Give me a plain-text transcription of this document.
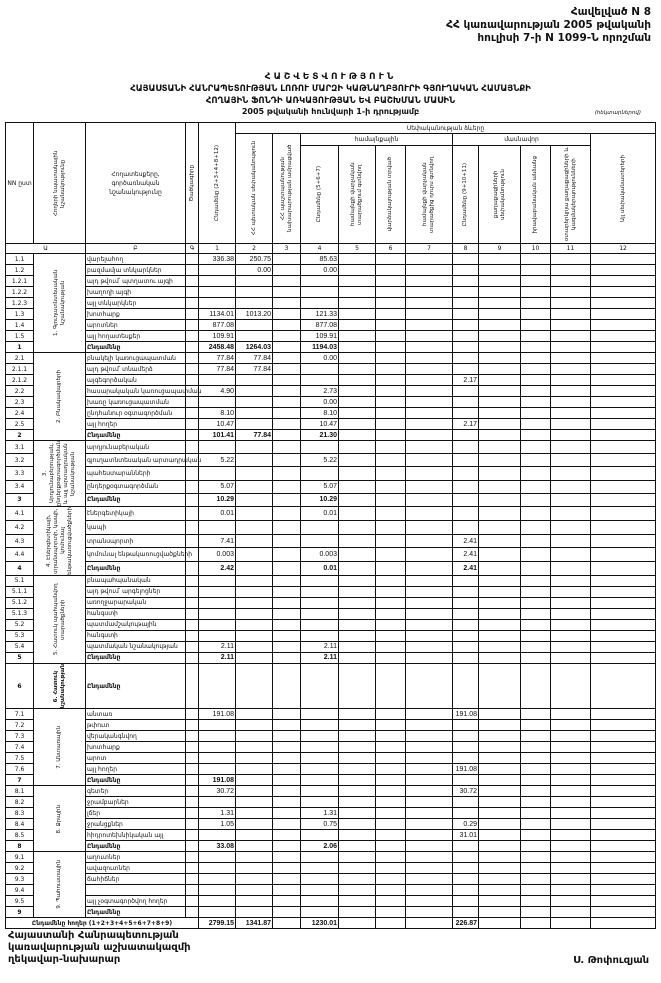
Հավելված N 8
ՀՀ կառավարության 2005 թվականի
հուլիսի 7-ի N 1099-Ն որոշման
ՀԱՇՎԵՏՎՈՒԹՅՈՒՆ
ՀԱՅԱՍՏԱՆԻ ՀԱՆՐԱՊԵՏՈՒԹՅԱՆ ԼՈՌՈՒ ՄԱՐԶԻ ԿԱԹՆԱՂԲՅՈՒՐԻ ԳՅՈՒՂԱԿԱՆ ՀԱՄԱՅՆՔԻ
ՀՈՂԱՅԻՆ ՖՈՆԴԻ ԱՌԿԱՅՈՒԹՅԱՆ ԵՎ ԲԱՇԽՄԱՆ ՄԱՍԻՆ
2005 թվականի հունվարի 1-ի դրությամբ	(հեկտարներով)
NN ըստ	Հողերի նպատակային նշանակությունը	Հողատեսքերը, գործառնական նշանակությունը	Ծածկագիրը	Ընդամենը (2+3+4+8+12)	Սեփականության ձևերը										

					ՀՀ պետական սեփականություն	ՀՀ պաշտպանության նախարարության ամրացված	համայնքային				մասնավոր				Այլ սեփականատերերի

							Ընդամենը (5+6+7)	համայնքի վարչական տարածքում գտնվող	վարձակալության տրված	համայնքի վարչական տարածքից դուրս գտնվող	Ընդամենը (9+10+11)	քաղաքացիների սեփականություն	իրավաբանական անձանց	օտարերկրյա քաղաքացիների և կազմակերպությունների	

Ա		Բ	Գ	1	2	3	4	5	6	7	8	9	10	11	12
1.1	1. Գյուղատնտեսական նշանակության	վարելահող		336.38	250.75		85.63								
1.2		բազմամյա տնկարկներ			0.00		0.00								
1.2.1		այդ թվում՝ պտղատու այգի													
1.2.2		խաղողի այգի													
1.2.3		այլ տնկարկներ													
1.3		խոտհարք		1134.01	1013.20		121.33								
1.4		արոտներ		877.08			877.08								
1.5		այլ հողատեսքեր		109.91			109.91								
1		Ընդամենը		2458.48	1264.03		1194.03								
2.1	2. Բնակավայրերի	բնակելի կառուցապատման		77.84	77.84		0.00								
2.1.1		այդ թվում՝ տնամերձ		77.84	77.84										
2.1.2		այգեգործական									2.17				
2.2		հասարակական կառուցապատման		4.90			2.73								
2.3		խառը կառուցապատման					0.00								
2.4		ընդհանուր օգտագործման		8.10			8.10								
2.5		այլ հողեր		10.47			10.47				2.17				
2		Ընդամենը		101.41	77.84		21.30								
3.1	3. Արդյունաբերության, ընդերքօգտագործման և այլ արտադրական նշանակության	արդյունաբերական													
3.2		գյուղատնտեսական արտադրական		5.22			5.22								
3.3		պահեստարանների													
3.4		ընդերքօգտագործման		5.07			5.07								
3		Ընդամենը		10.29			10.29								
4.1	4. Էներգետիկայի, տրանսպորտի, կապի, կոմունալ ենթակառուցվածքների	էներգետիկայի		0.01			0.01								
4.2		կապի													
4.3		տրանսպորտի		7.41							2.41				
4.4		կոմունալ ենթակառուցվածքների		0.003			0.003				2.41				
4		Ընդամենը		2.42			0.01				2.41				
5.1	5. Հատուկ պահպանվող տարածքների	բնապահպանական													
5.1.1		այդ թվում՝ արգելոցներ													
5.1.2		առողջարարական													
5.1.3		հանգստի													
5.2		պատմամշակութային													
5.3		հանգստի													
5.4		պատմական նշանակության		2.11			2.11								
5		Ընդամենը		2.11			2.11								
6	6. Հատուկ նշանակության	Ընդամենը													
7.1	7. Անտառային	անտառ		191.08							191.08				
7.2		թփուտ													
7.3		վերականգնվող													
7.4		խոտհարք													
7.5		արոտ													
7.6		այլ հողեր									191.08				
7		Ընդամենը		191.08											
8.1	8. Ջրային	գետեր		30.72							30.72				
8.2		ջրամբարներ													
8.3		լճեր		1.31			1.31								
8.4		ջրանցքներ		1.05			0.75				0.29				
8.5		հիդրոտեխնիկական այլ									31.01				
8		Ընդամենը		33.08			2.06								
9.1	9. Պահուստային	աղուտներ													
9.2		ավազուտներ													
9.3		ճահիճներ													
9.4															
9.5		այլ չօգտագործվող հողեր													
9		Ընդամենը													
Ընդամենը հողեր (1+2+3+4+5+6+7+8+9)				2799.15	1341.87		1230.01				226.87				
Հայաստանի Հանրապետության
կառավարության աշխատակազմի
ղեկավար-նախարար	Ս. Թոփուզյան
